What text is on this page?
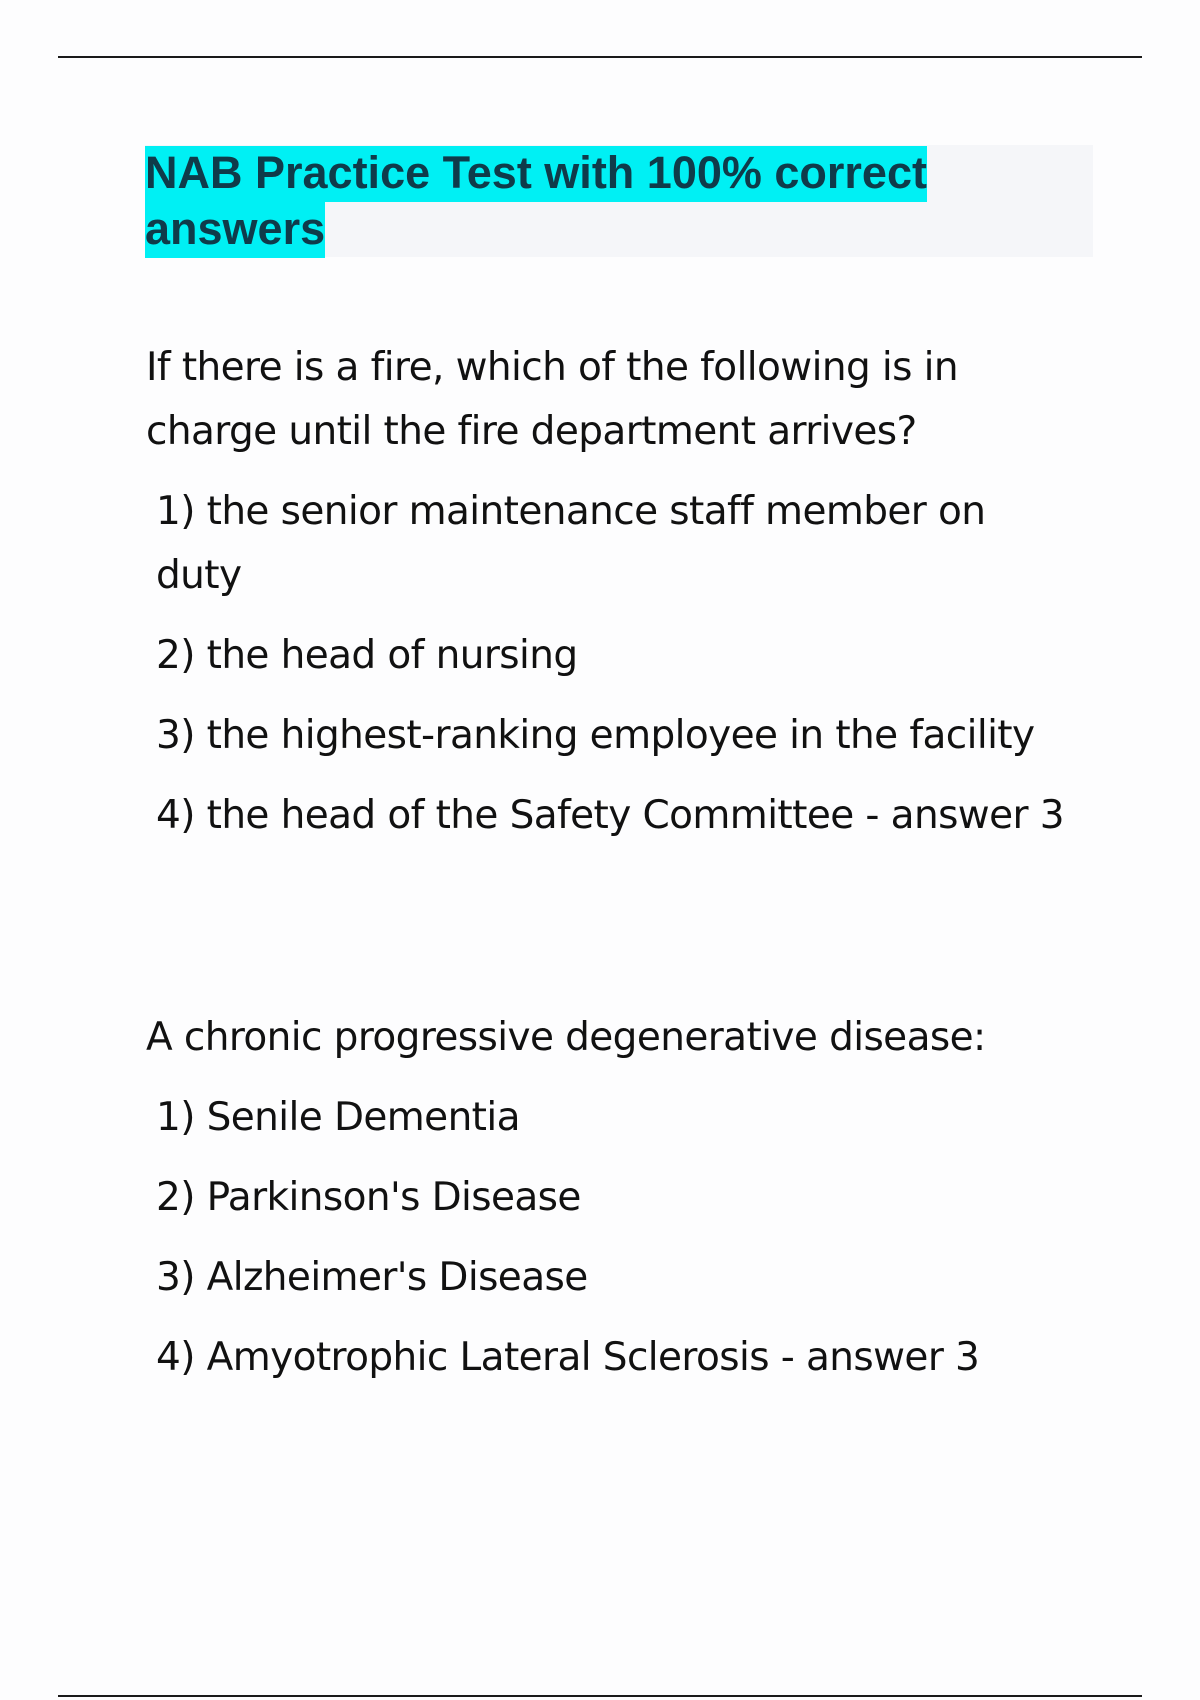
NAB Practice Test with 100% correct answers

If there is a fire, which of the following is in charge until the fire department arrives?

1) the senior maintenance staff member on duty

2) the head of nursing

3) the highest-ranking employee in the facility

4) the head of the Safety Committee - answer 3

A chronic progressive degenerative disease:

1) Senile Dementia

2) Parkinson's Disease

3) Alzheimer's Disease

4) Amyotrophic Lateral Sclerosis - answer 3
